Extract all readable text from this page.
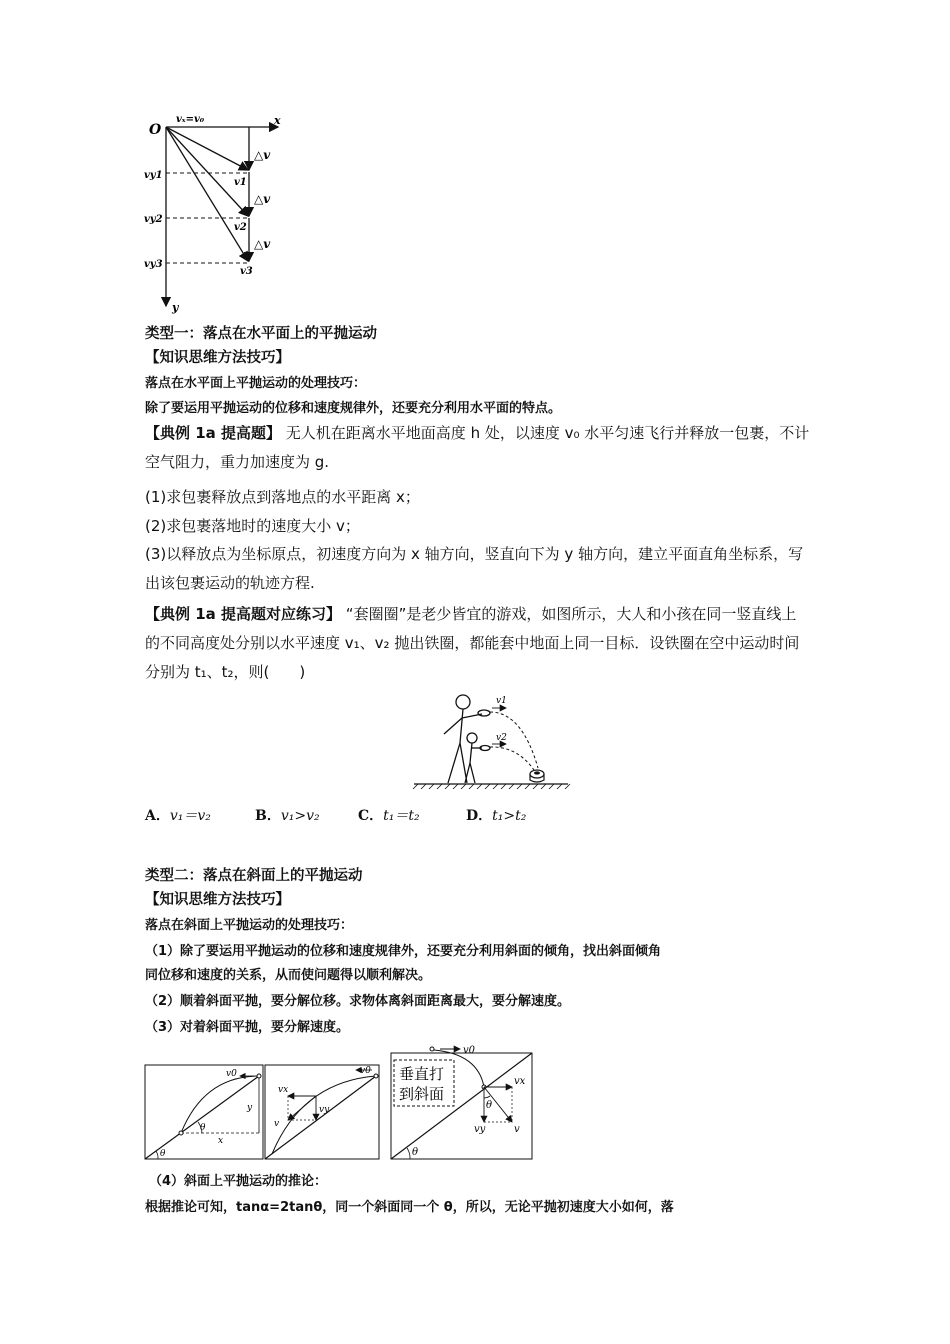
O
vₓ=v₀	x
y
△v
△v
△v
vy1
vy2
vy3
v1
v2
v3
类型一：落点在水平面上的平抛运动
【知识思维方法技巧】
落点在水平面上平抛运动的处理技巧：
除了要运用平抛运动的位移和速度规律外，还要充分利用水平面的特点。
【典例 1a 提高题】 无人机在距离水平地面高度 h 处，以速度 v₀ 水平匀速飞行并释放一包裹，不计空气阻力，重力加速度为 g.
(1)求包裹释放点到落地点的水平距离 x；
(2)求包裹落地时的速度大小 v；
(3)以释放点为坐标原点，初速度方向为 x 轴方向，竖直向下为 y 轴方向，建立平面直角坐标系，写出该包裹运动的轨迹方程.
【典例 1a 提高题对应练习】 “套圈圈”是老少皆宜的游戏，如图所示，大人和小孩在同一竖直线上的不同高度处分别以水平速度 v₁、v₂ 抛出铁圈，都能套中地面上同一目标．设铁圈在空中运动时间分别为 t₁、t₂，则(　　)
v1
v2
A．v₁＝v₂	B．v₁>v₂	C．t₁＝t₂	D．t₁>t₂
类型二：落点在斜面上的平抛运动
【知识思维方法技巧】
落点在斜面上平抛运动的处理技巧：
（1）除了要运用平抛运动的位移和速度规律外，还要充分利用斜面的倾角，找出斜面倾角
同位移和速度的关系，从而使问题得以顺利解决。
（2）顺着斜面平抛，要分解位移。求物体离斜面距离最大，要分解速度。
（3）对着斜面平抛，要分解速度。
θ
θ
v0
x
y
v0
vx
vy
v
v0
θ
vx
vy	v
θ
垂直打
到斜面
（4）斜面上平抛运动的推论：
根据推论可知，tanα=2tanθ，同一个斜面同一个 θ，所以，无论平抛初速度大小如何，落
